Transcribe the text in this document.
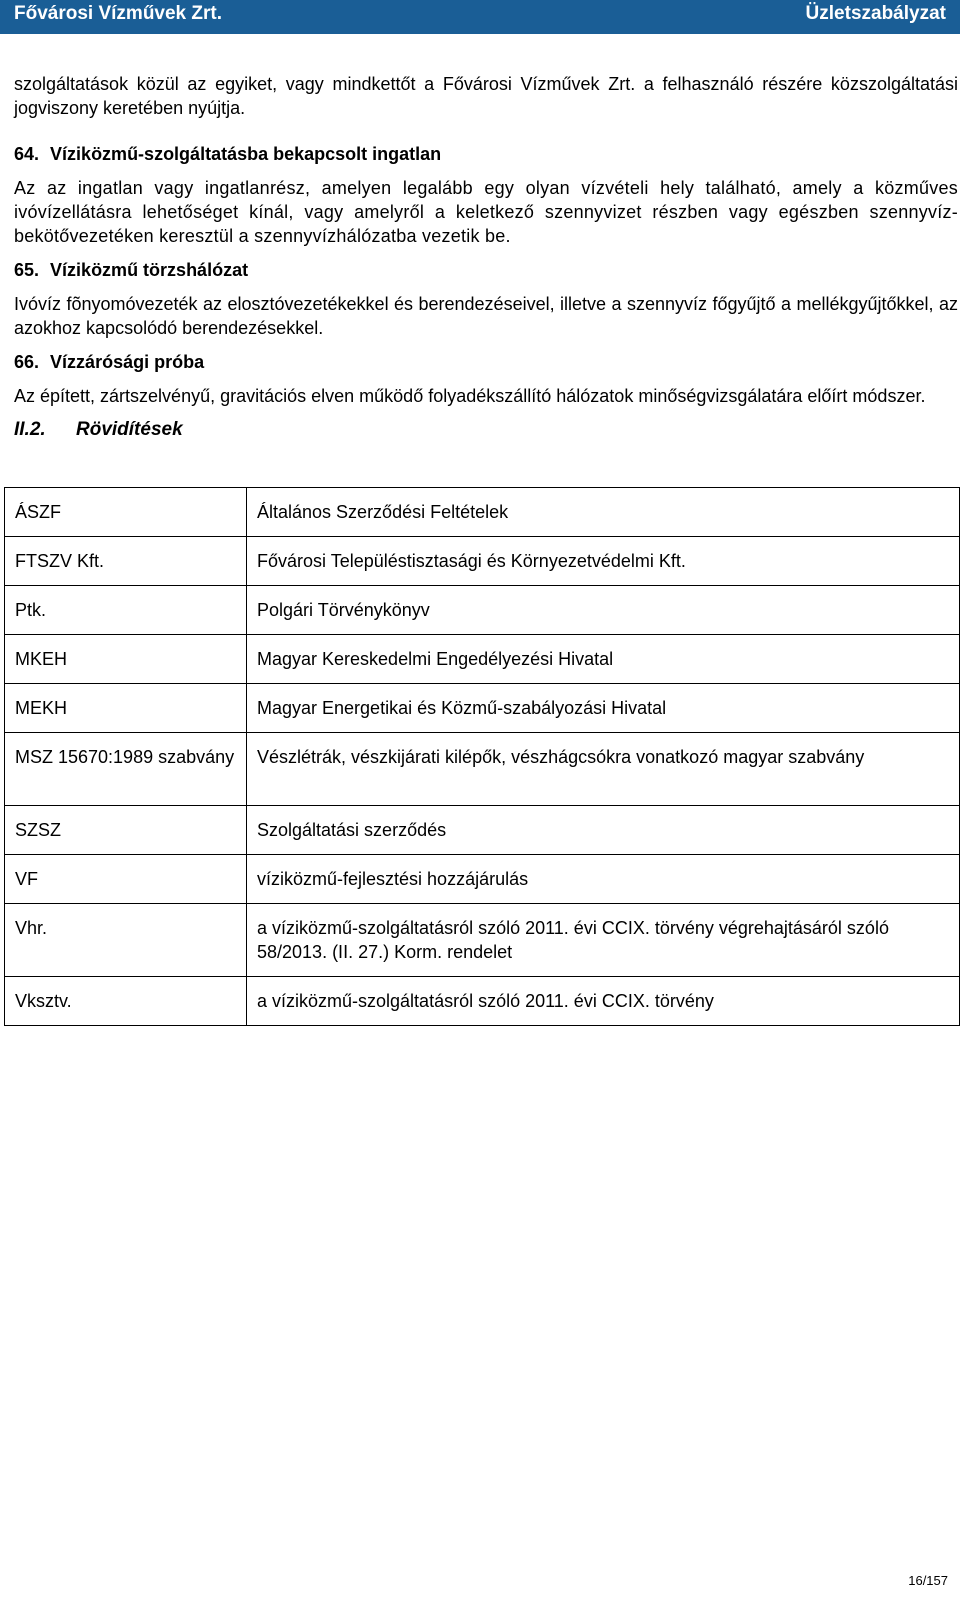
Fővárosi Vízművek Zrt.	Üzletszabályzat

szolgáltatások közül az egyiket, vagy mindkettőt a Fővárosi Vízművek Zrt. a felhasználó részére közszolgáltatási jogviszony keretében nyújtja.

64. Víziközmű-szolgáltatásba bekapcsolt ingatlan

Az az ingatlan vagy ingatlanrész, amelyen legalább egy olyan vízvételi hely található, amely a közműves ivóvízellátásra lehetőséget kínál, vagy amelyről a keletkező szennyvizet részben vagy egészben szennyvíz-bekötővezetéken keresztül a szennyvízhálózatba vezetik be.

65. Víziközmű törzshálózat

Ivóvíz fõnyomóvezeték az elosztóvezetékekkel és berendezéseivel, illetve a szennyvíz főgyűjtő a mellékgyűjtőkkel, az azokhoz kapcsolódó berendezésekkel.

66. Vízzárósági próba

Az épített, zártszelvényű, gravitációs elven működő folyadékszállító hálózatok minőségvizsgálatára előírt módszer.

II.2. Rövidítések
ÁSZF	Általános Szerződési Feltételek
FTSZV Kft.	Fővárosi Településtisztasági és Környezetvédelmi Kft.
Ptk.	Polgári Törvénykönyv
MKEH	Magyar Kereskedelmi Engedélyezési Hivatal
MEKH	Magyar Energetikai és Közmű-szabályozási Hivatal
MSZ 15670:1989 szabvány	Vészlétrák, vészkijárati kilépők, vészhágcsókra vonatkozó magyar szabvány
SZSZ	Szolgáltatási szerződés
VF	víziközmű-fejlesztési hozzájárulás
Vhr.	a víziközmű-szolgáltatásról szóló 2011. évi CCIX. törvény végrehajtásáról szóló 58/2013. (II. 27.) Korm. rendelet
Vksztv.	a víziközmű-szolgáltatásról szóló 2011. évi CCIX. törvény
16/157
